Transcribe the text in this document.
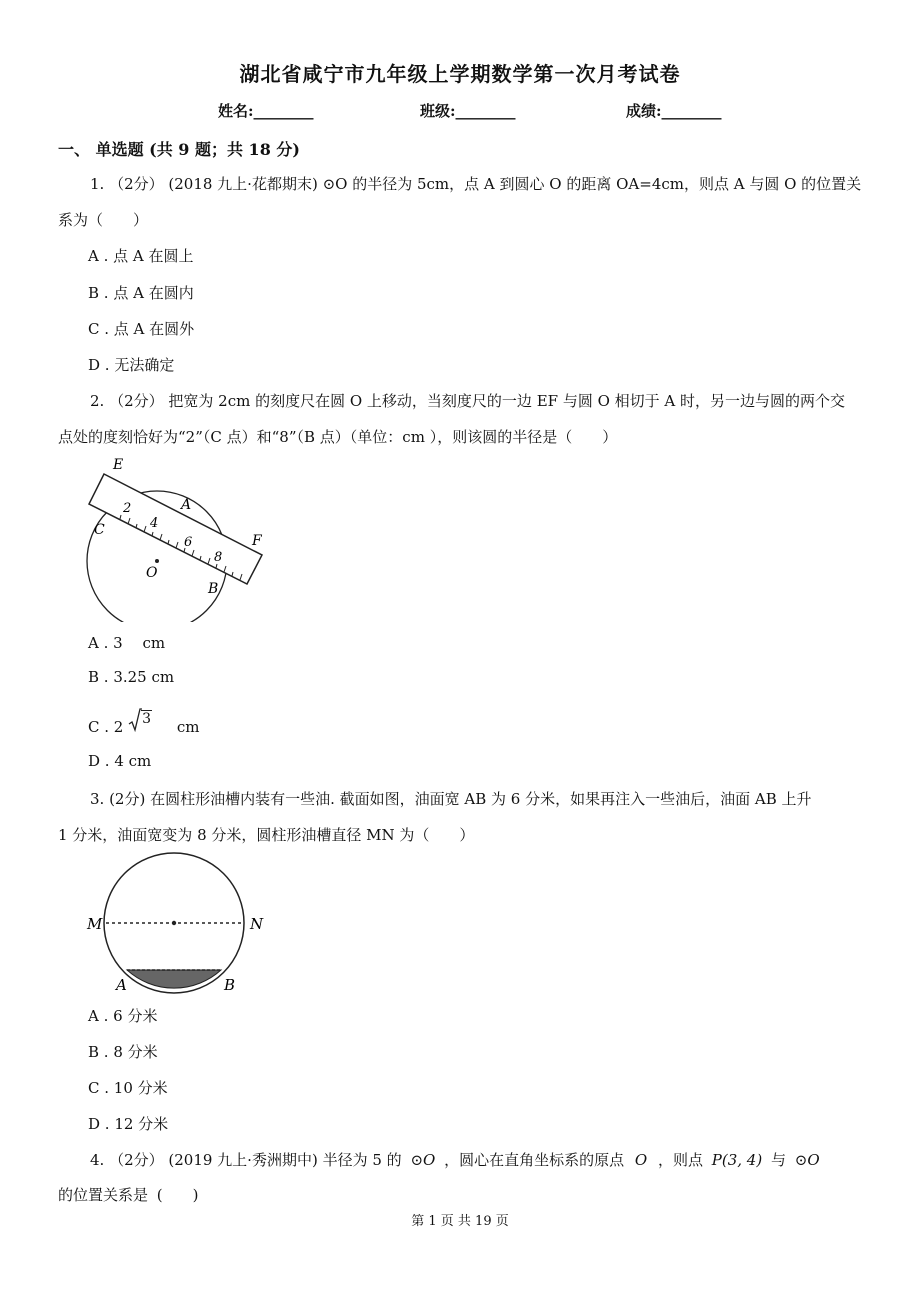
湖北省咸宁市九年级上学期数学第一次月考试卷
姓名:________	班级:________	成绩:________
一、 单选题 (共 9 题；共 18 分)
1. （2分） (2018 九上·花都期末) ⊙O 的半径为 5cm，点 A 到圆心 O 的距离 OA=4cm，则点 A 与圆 O 的位置关
系为（　　）
A . 点 A 在圆上
B . 点 A 在圆内
C . 点 A 在圆外
D . 无法确定
2. （2分） 把宽为 2cm 的刻度尺在圆 O 上移动，当刻度尺的一边 EF 与圆 O 相切于 A 时，另一边与圆的两个交
点处的度刻恰好为“2”（C 点）和“8”（B 点）（单位：cm ），则该圆的半径是（　　）
E
A
F
C
O
B
2
4
6
8
A . 3　 cm
B . 3.25 cm
C . 2 3 cm
D . 4 cm
3. (2分) 在圆柱形油槽内装有一些油. 截面如图，油面宽 AB 为 6 分米，如果再注入一些油后，油面 AB 上升
1 分米，油面宽变为 8 分米，圆柱形油槽直径 MN 为（　　）
M	N
A	B
A . 6 分米
B . 8 分米
C . 10 分米
D . 12 分米
4. （2分） (2019 九上·秀洲期中) 半径为 5 的 ⊙O ，圆心在直角坐标系的原点 O ，则点 P(3, 4) 与 ⊙O
的位置关系是 (　　)
第 1 页 共 19 页
